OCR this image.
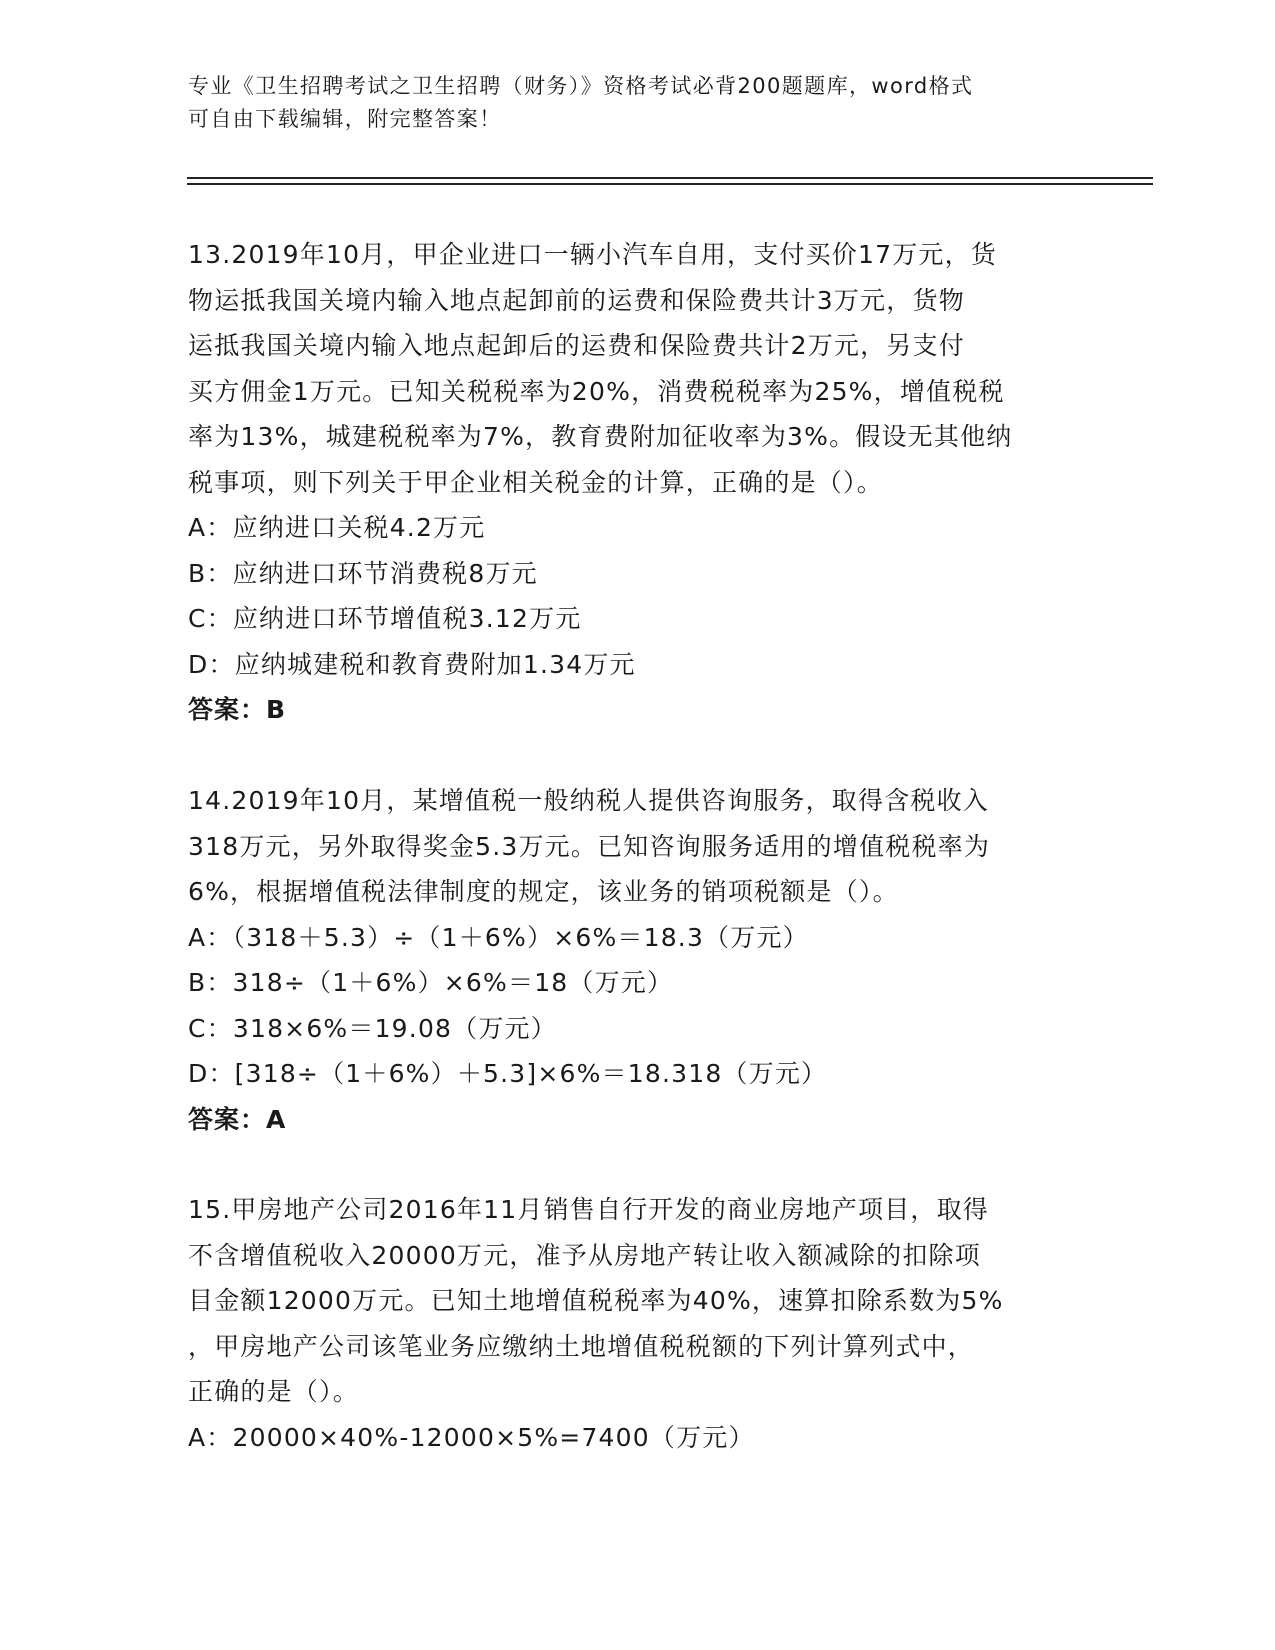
专业《卫生招聘考试之卫生招聘（财务）》资格考试必背200题题库，word格式
可自由下载编辑，附完整答案！
13.2019年10月，甲企业进口一辆小汽车自用，支付买价17万元，货
物运抵我国关境内输入地点起卸前的运费和保险费共计3万元，货物
运抵我国关境内输入地点起卸后的运费和保险费共计2万元，另支付
买方佣金1万元。已知关税税率为20%，消费税税率为25%，增值税税
率为13%，城建税税率为7%，教育费附加征收率为3%。假设无其他纳
税事项，则下列关于甲企业相关税金的计算，正确的是（）。
A：应纳进口关税4.2万元
B：应纳进口环节消费税8万元
C：应纳进口环节增值税3.12万元
D：应纳城建税和教育费附加1.34万元
答案：B
14.2019年10月，某增值税一般纳税人提供咨询服务，取得含税收入
318万元，另外取得奖金5.3万元。已知咨询服务适用的增值税税率为
6%，根据增值税法律制度的规定，该业务的销项税额是（）。
A：（318＋5.3）÷（1＋6%）×6%＝18.3（万元）
B：318÷（1＋6%）×6%＝18（万元）
C：318×6%＝19.08（万元）
D：[318÷（1＋6%）＋5.3]×6%＝18.318（万元）
答案：A
15.甲房地产公司2016年11月销售自行开发的商业房地产项目，取得
不含增值税收入20000万元，准予从房地产转让收入额减除的扣除项
目金额12000万元。已知土地增值税税率为40%，速算扣除系数为5%
，甲房地产公司该笔业务应缴纳土地增值税税额的下列计算列式中，
正确的是（）。
A：20000×40%-12000×5%=7400（万元）
